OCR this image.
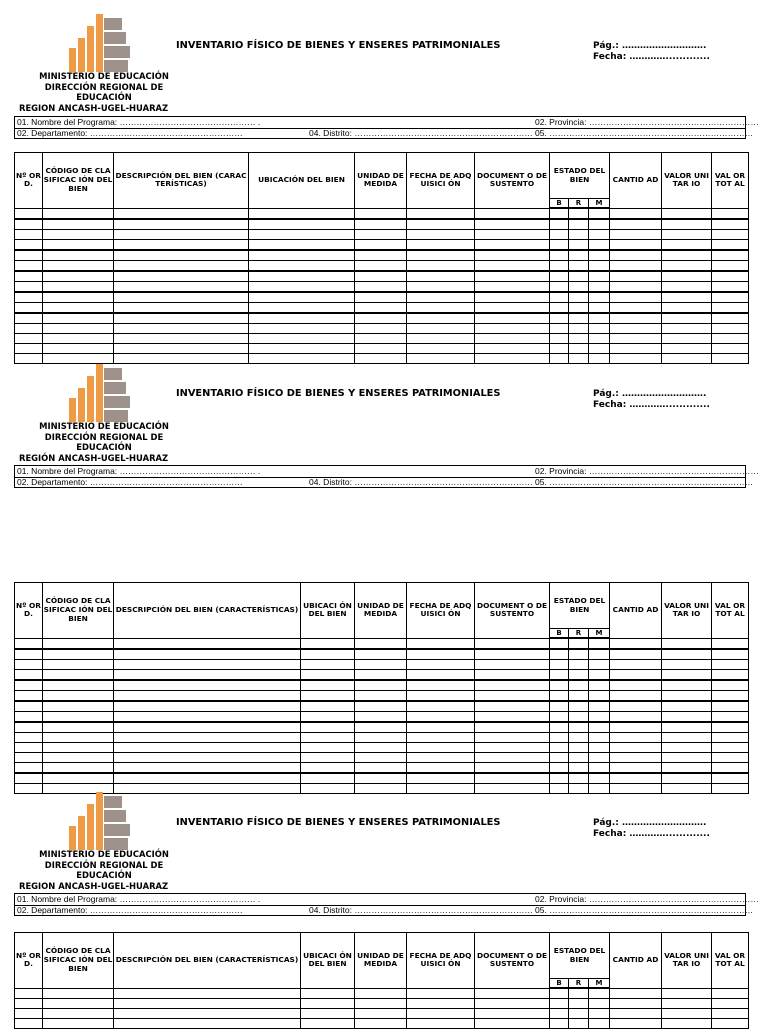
INVENTARIO FÍSICO DE BIENES Y ENSERES PATRIMONIALES	Pág.: ……………………….
Fecha: ………….............
MINISTERIO DE EDUCACIÓN
DIRECCIÓN REGIONAL DE
EDUCACIÓN
REGION ANCASH-UGEL-HUARAZ
01. Nombre del Programa: ………………………………………… .	02. Provincia: ……………………………………………………
02. Departamento: ………………………………………………	04. Distrito: ……………………………………………………… 05. ………………………………………………………………
Nº OR D.	CÓDIGO DE CLASIFICAC IÓN DEL BIEN	DESCRIPCIÓN DEL BIEN (CARACTERÍSTICAS)	UBICACIÓN DEL BIEN	UNIDAD DE MEDIDA	FECHA DE ADQUISICI ÓN	DOCUMENT O DE SUSTENTO	ESTADO DEL BIEN			CANTID AD	VALOR UNITAR IO	VAL OR TOT AL
							B	R	M			

INVENTARIO FÍSICO DE BIENES Y ENSERES PATRIMONIALES	Pág.: ……………………….
Fecha: ………….............
MINISTERIO DE EDUCACIÓN
DIRECCIÓN REGIONAL DE
EDUCACIÓN
REGIÓN ANCASH-UGEL-HUARAZ
01. Nombre del Programa: ………………………………………… .	02. Provincia: ……………………………………………………
02. Departamento: ………………………………………………	04. Distrito: ……………………………………………………… 05. ………………………………………………………………
Nº OR D.	CÓDIGO DE CLASIFICAC IÓN DEL BIEN	DESCRIPCIÓN DEL BIEN (CARACTERÍSTICAS)	UBICACI ÓN DEL BIEN	UNIDAD DE MEDIDA	FECHA DE ADQUISICI ÓN	DOCUMENT O DE SUSTENTO	ESTADO DEL BIEN			CANTID AD	VALOR UNITAR IO	VAL OR TOT AL
							B	R	M			

INVENTARIO FÍSICO DE BIENES Y ENSERES PATRIMONIALES	Pág.: ……………………….
Fecha: ………….............
MINISTERIO DE EDUCACIÓN
DIRECCIÓN REGIONAL DE
EDUCACIÓN
REGION ANCASH-UGEL-HUARAZ
01. Nombre del Programa: ………………………………………… .	02. Provincia: ……………………………………………………
02. Departamento: ………………………………………………	04. Distrito: ……………………………………………………… 05. ………………………………………………………………
Nº OR D.	CÓDIGO DE CLASIFICAC IÓN DEL BIEN	DESCRIPCIÓN DEL BIEN (CARACTERÍSTICAS)	UBICACI ÓN DEL BIEN	UNIDAD DE MEDIDA	FECHA DE ADQUISICI ÓN	DOCUMENT O DE SUSTENTO	ESTADO DEL BIEN			CANTID AD	VALOR UNITAR IO	VAL OR TOT AL
							B	R	M			
